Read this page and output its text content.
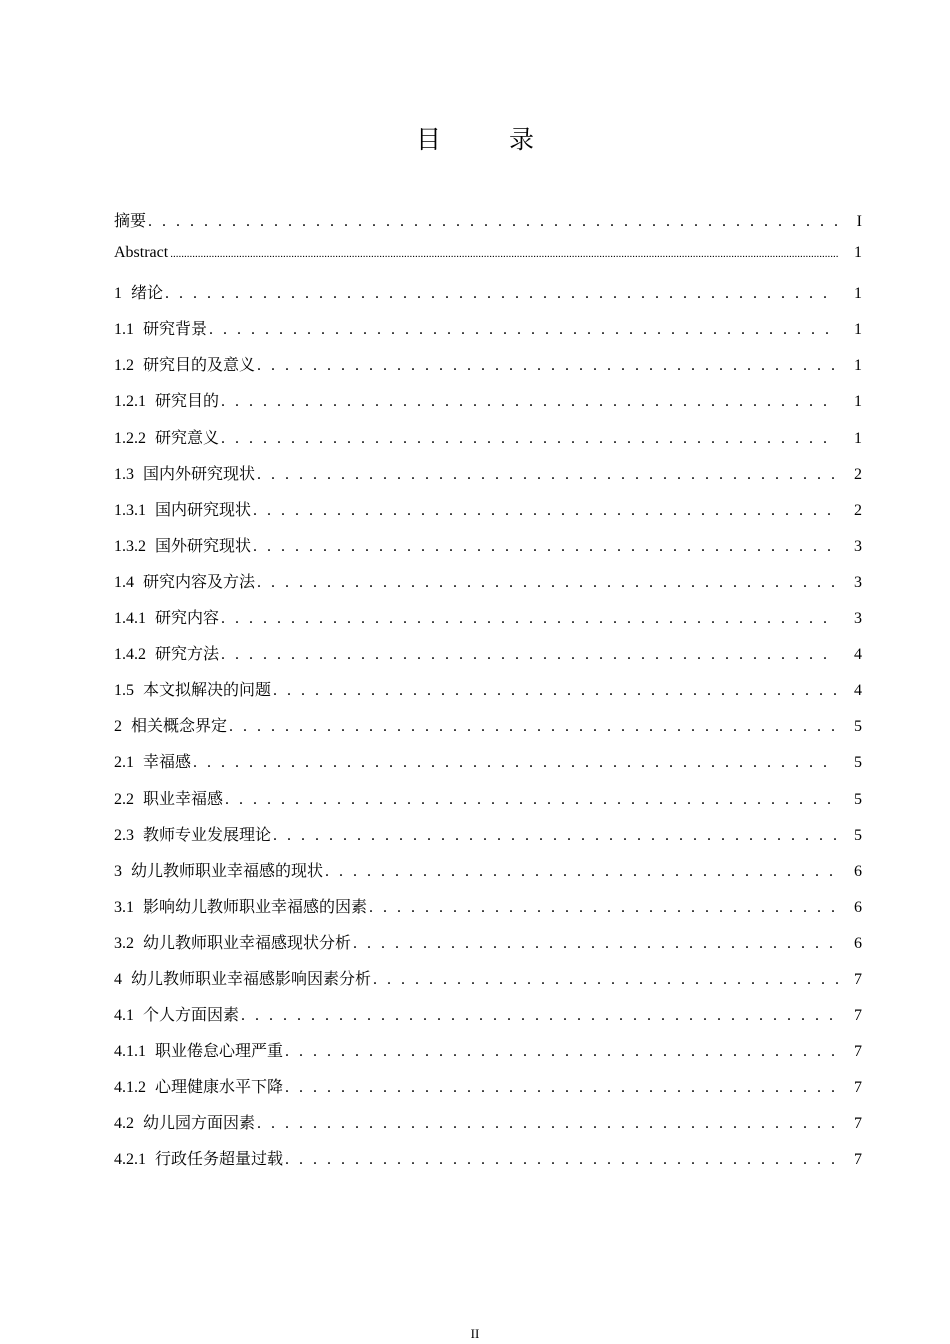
目 录
摘要 . . .	I
Abstract .....	1
1 绪论 . . .	1
1.1 研究背景 . . .	1
1.2 研究目的及意义 . . .	1
1.2.1 研究目的 . . .	1
1.2.2 研究意义 . . .	1
1.3 国内外研究现状 . . .	2
1.3.1 国内研究现状 . . .	2
1.3.2 国外研究现状 . . .	3
1.4 研究内容及方法 . . .	3
1.4.1 研究内容 . . .	3
1.4.2 研究方法 . . .	4
1.5 本文拟解决的问题 . . .	4
2 相关概念界定 . . .	5
2.1 幸福感 . . .	5
2.2 职业幸福感 . . .	5
2.3 教师专业发展理论 . . .	5
3 幼儿教师职业幸福感的现状 . . .	6
3.1 影响幼儿教师职业幸福感的因素 . . .	6
3.2 幼儿教师职业幸福感现状分析 . . .	6
4 幼儿教师职业幸福感影响因素分析 . . .	7
4.1 个人方面因素 . . .	7
4.1.1 职业倦怠心理严重 . . .	7
4.1.2 心理健康水平下降 . . .	7
4.2 幼儿园方面因素 . . .	7
4.2.1 行政任务超量过载 . . .	7
II
